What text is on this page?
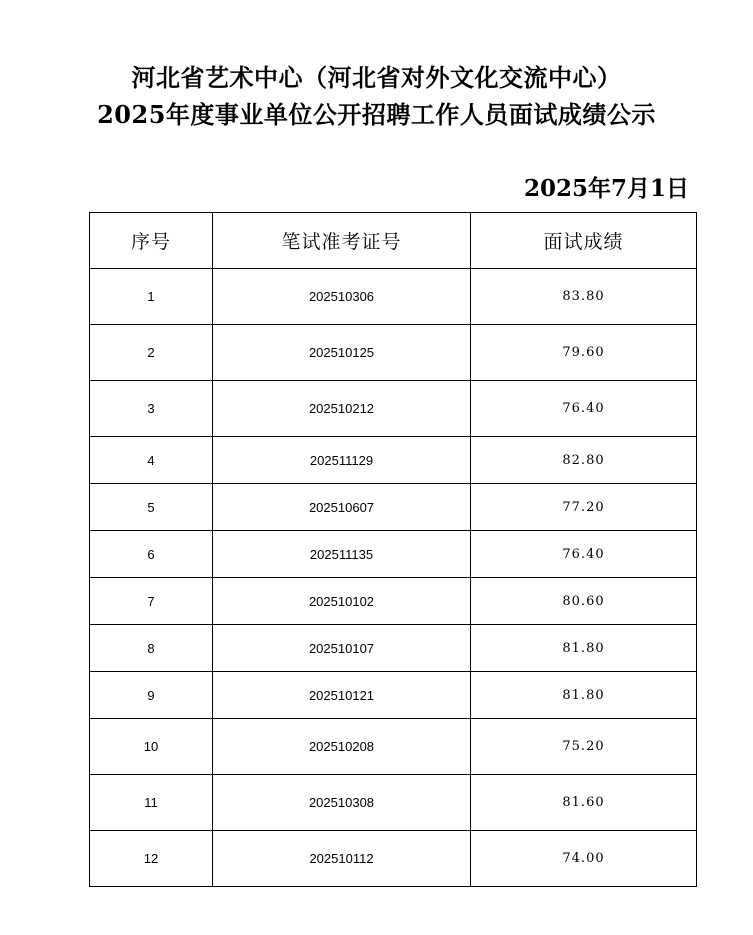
河北省艺术中心（河北省对外文化交流中心）
2025年度事业单位公开招聘工作人员面试成绩公示
2025年7月1日
序号	笔试准考证号	面试成绩
1	202510306	83.80
2	202510125	79.60
3	202510212	76.40
4	202511129	82.80
5	202510607	77.20
6	202511135	76.40
7	202510102	80.60
8	202510107	81.80
9	202510121	81.80
10	202510208	75.20
11	202510308	81.60
12	202510112	74.00
